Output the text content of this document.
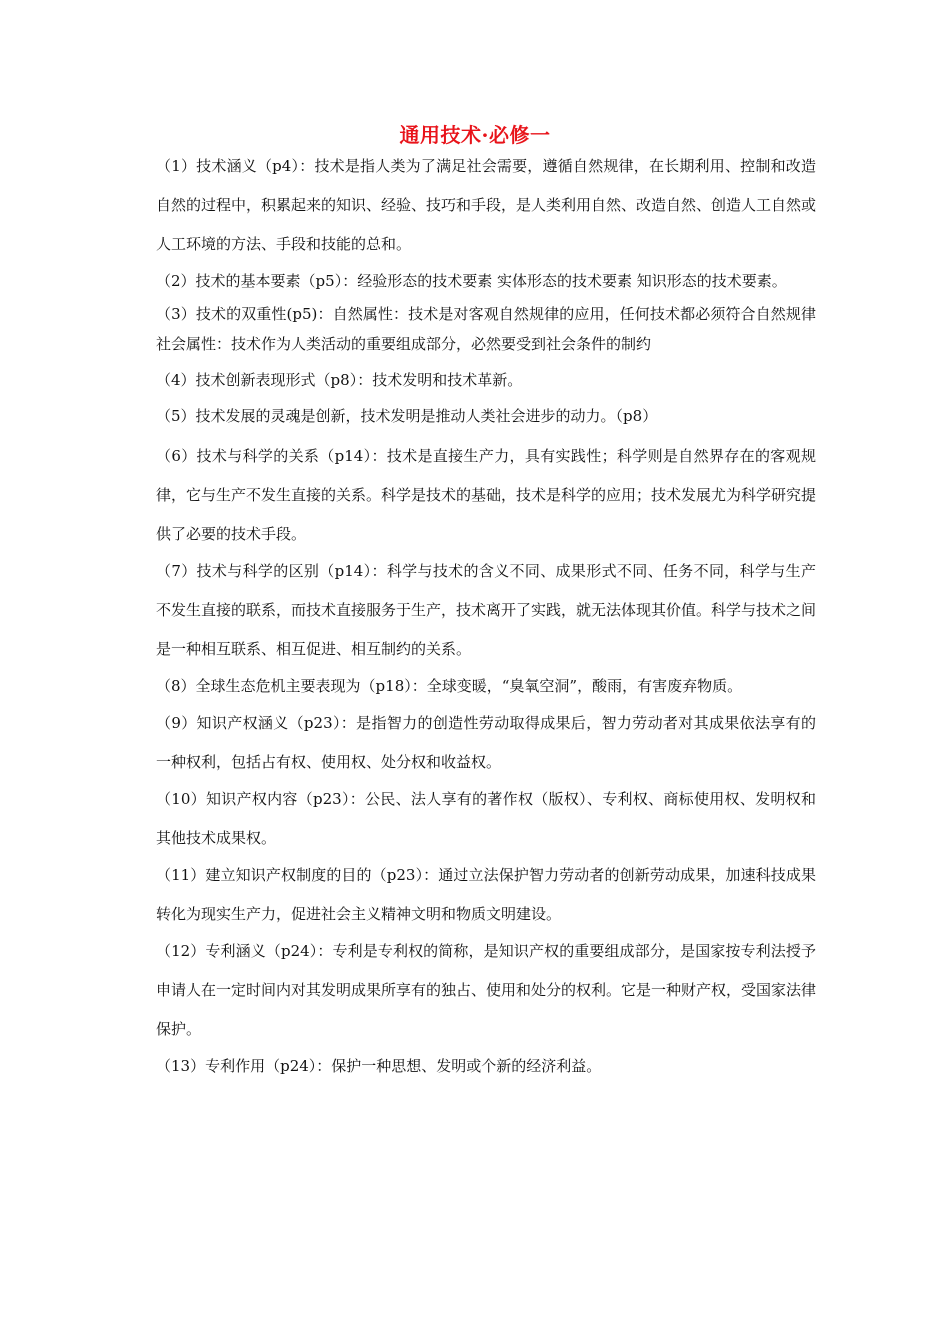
通用技术·必修一

（1）技术涵义（p4）：技术是指人类为了满足社会需要，遵循自然规律，在长期利用、控制和改造自然的过程中，积累起来的知识、经验、技巧和手段，是人类利用自然、改造自然、创造人工自然或人工环境的方法、手段和技能的总和。

（2）技术的基本要素（p5）：经验形态的技术要素 实体形态的技术要素 知识形态的技术要素。

（3）技术的双重性(p5)：自然属性：技术是对客观自然规律的应用，任何技术都必须符合自然规律社会属性：技术作为人类活动的重要组成部分，必然要受到社会条件的制约

（4）技术创新表现形式（p8）：技术发明和技术革新。

（5）技术发展的灵魂是创新，技术发明是推动人类社会进步的动力。（p8）

（6）技术与科学的关系（p14）：技术是直接生产力，具有实践性；科学则是自然界存在的客观规律，它与生产不发生直接的关系。科学是技术的基础，技术是科学的应用；技术发展尤为科学研究提供了必要的技术手段。

（7）技术与科学的区别（p14）：科学与技术的含义不同、成果形式不同、任务不同，科学与生产不发生直接的联系，而技术直接服务于生产，技术离开了实践，就无法体现其价值。科学与技术之间是一种相互联系、相互促进、相互制约的关系。

（8）全球生态危机主要表现为（p18）：全球变暖，“臭氧空洞”，酸雨，有害废弃物质。

（9）知识产权涵义（p23）：是指智力的创造性劳动取得成果后，智力劳动者对其成果依法享有的一种权利，包括占有权、使用权、处分权和收益权。

（10）知识产权内容（p23）：公民、法人享有的著作权（版权）、专利权、商标使用权、发明权和其他技术成果权。

（11）建立知识产权制度的目的（p23）：通过立法保护智力劳动者的创新劳动成果，加速科技成果转化为现实生产力，促进社会主义精神文明和物质文明建设。

（12）专利涵义（p24）：专利是专利权的简称，是知识产权的重要组成部分，是国家按专利法授予申请人在一定时间内对其发明成果所享有的独占、使用和处分的权利。它是一种财产权，受国家法律保护。

（13）专利作用（p24）：保护一种思想、发明或个新的经济利益。
